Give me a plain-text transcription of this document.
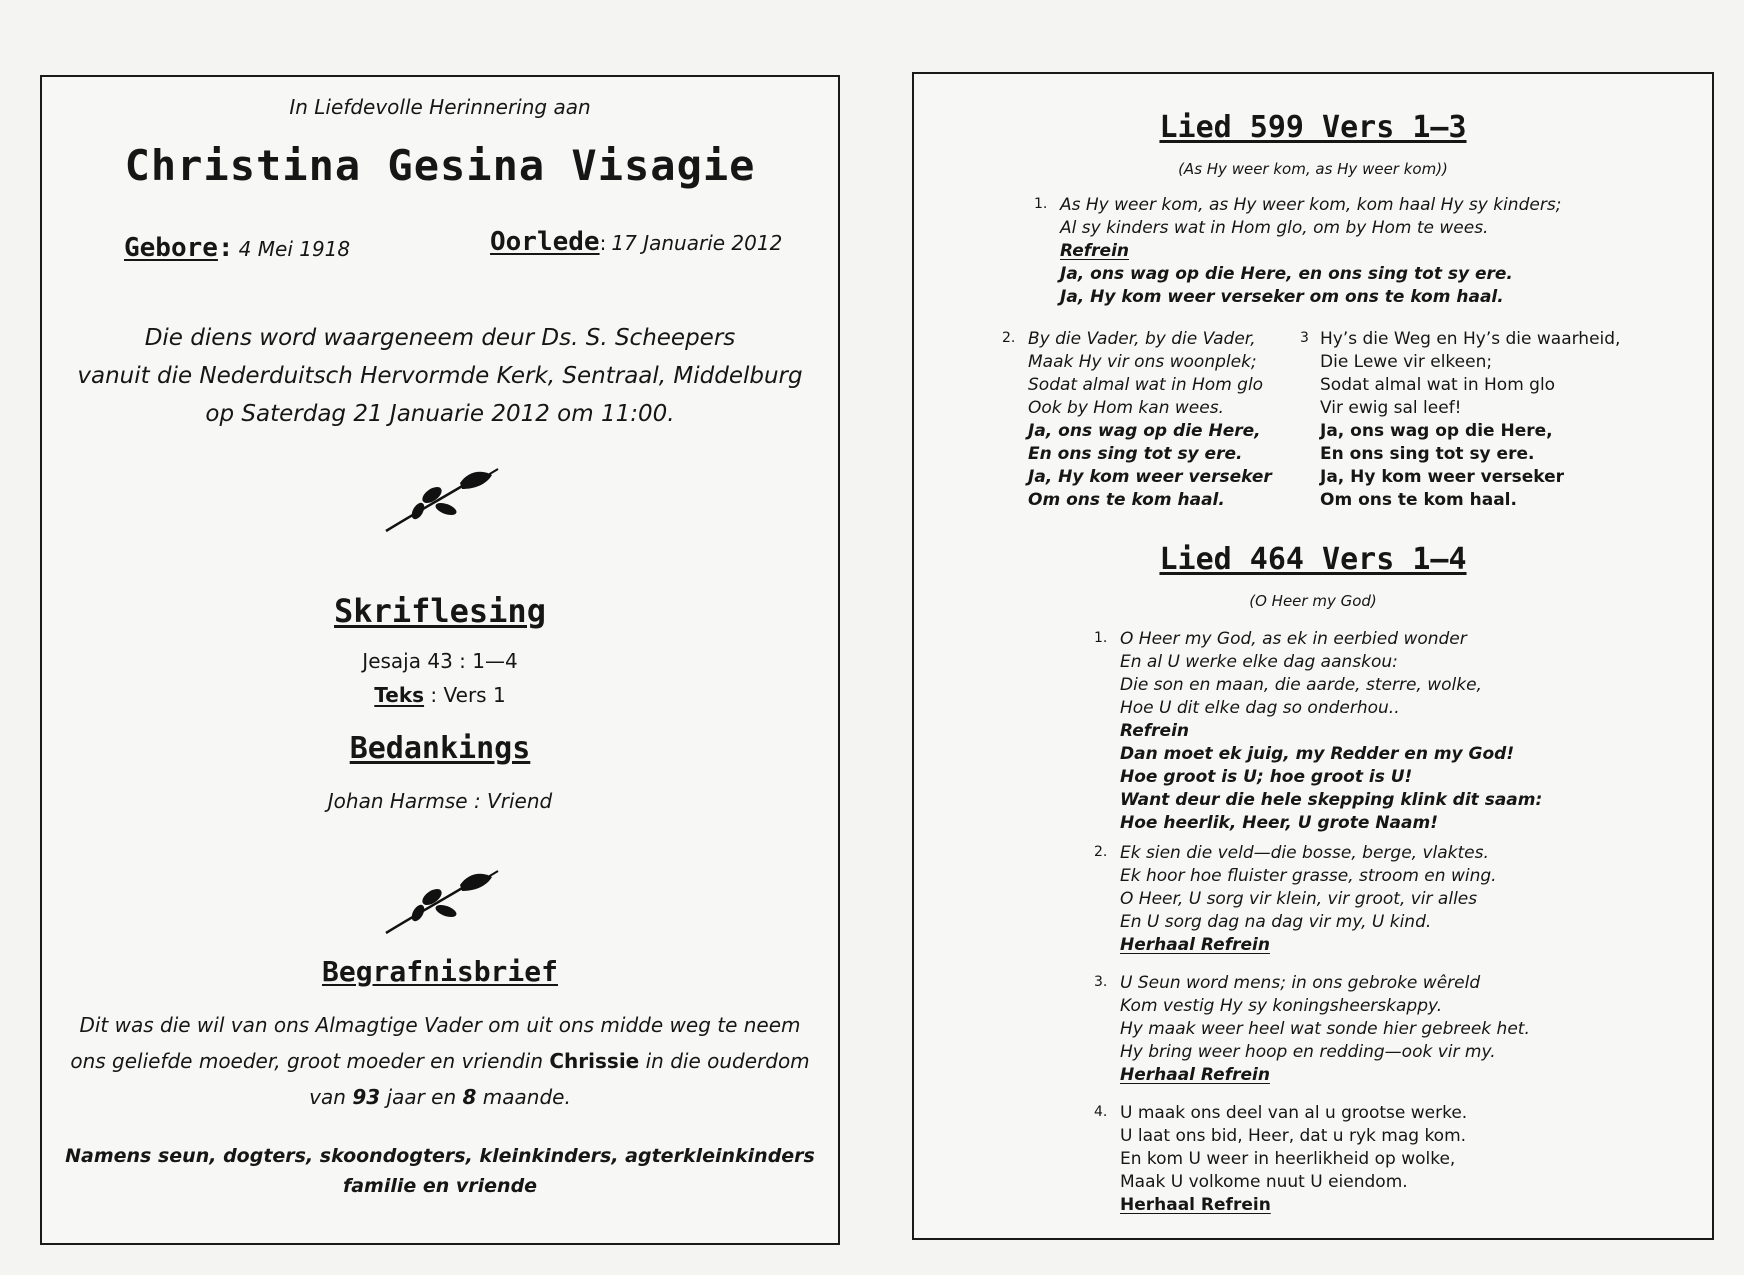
In Liefdevolle Herinnering aan
Christina Gesina Visagie
Gebore: 4 Mei 1918	Oorlede: 17 Januarie 2012
Die diens word waargeneem deur Ds. S. Scheepers
vanuit die Nederduitsch Hervormde Kerk, Sentraal, Middelburg
op Saterdag 21 Januarie 2012 om 11:00.
Skriflesing
Jesaja 43 : 1—4
Teks : Vers 1
Bedankings
Johan Harmse : Vriend
Begrafnisbrief
Dit was die wil van ons Almagtige Vader om uit ons midde weg te neem
ons geliefde moeder, groot moeder en vriendin Chrissie in die ouderdom
van 93 jaar en 8 maande.
Namens seun, dogters, skoondogters, kleinkinders, agterkleinkinders
familie en vriende
Lied 599 Vers 1—3
(As Hy weer kom, as Hy weer kom))
1. As Hy weer kom, as Hy weer kom, kom haal Hy sy kinders;
Al sy kinders wat in Hom glo, om by Hom te wees.
Refrein
Ja, ons wag op die Here, en ons sing tot sy ere.
Ja, Hy kom weer verseker om ons te kom haal.
2. By die Vader, by die Vader,
Maak Hy vir ons woonplek;
Sodat almal wat in Hom glo
Ook by Hom kan wees.
Ja, ons wag op die Here,
En ons sing tot sy ere.
Ja, Hy kom weer verseker
Om ons te kom haal.
3 Hy’s die Weg en Hy’s die waarheid,
Die Lewe vir elkeen;
Sodat almal wat in Hom glo
Vir ewig sal leef!
Ja, ons wag op die Here,
En ons sing tot sy ere.
Ja, Hy kom weer verseker
Om ons te kom haal.
Lied 464 Vers 1—4
(O Heer my God)
1. O Heer my God, as ek in eerbied wonder
En al U werke elke dag aanskou:
Die son en maan, die aarde, sterre, wolke,
Hoe U dit elke dag so onderhou..
Refrein
Dan moet ek juig, my Redder en my God!
Hoe groot is U; hoe groot is U!
Want deur die hele skepping klink dit saam:
Hoe heerlik, Heer, U grote Naam!
2. Ek sien die veld—die bosse, berge, vlaktes.
Ek hoor hoe fluister grasse, stroom en wing.
O Heer, U sorg vir klein, vir groot, vir alles
En U sorg dag na dag vir my, U kind.
Herhaal Refrein
3. U Seun word mens; in ons gebroke wêreld
Kom vestig Hy sy koningsheerskappy.
Hy maak weer heel wat sonde hier gebreek het.
Hy bring weer hoop en redding—ook vir my.
Herhaal Refrein
4. U maak ons deel van al u grootse werke.
U laat ons bid, Heer, dat u ryk mag kom.
En kom U weer in heerlikheid op wolke,
Maak U volkome nuut U eiendom.
Herhaal Refrein
